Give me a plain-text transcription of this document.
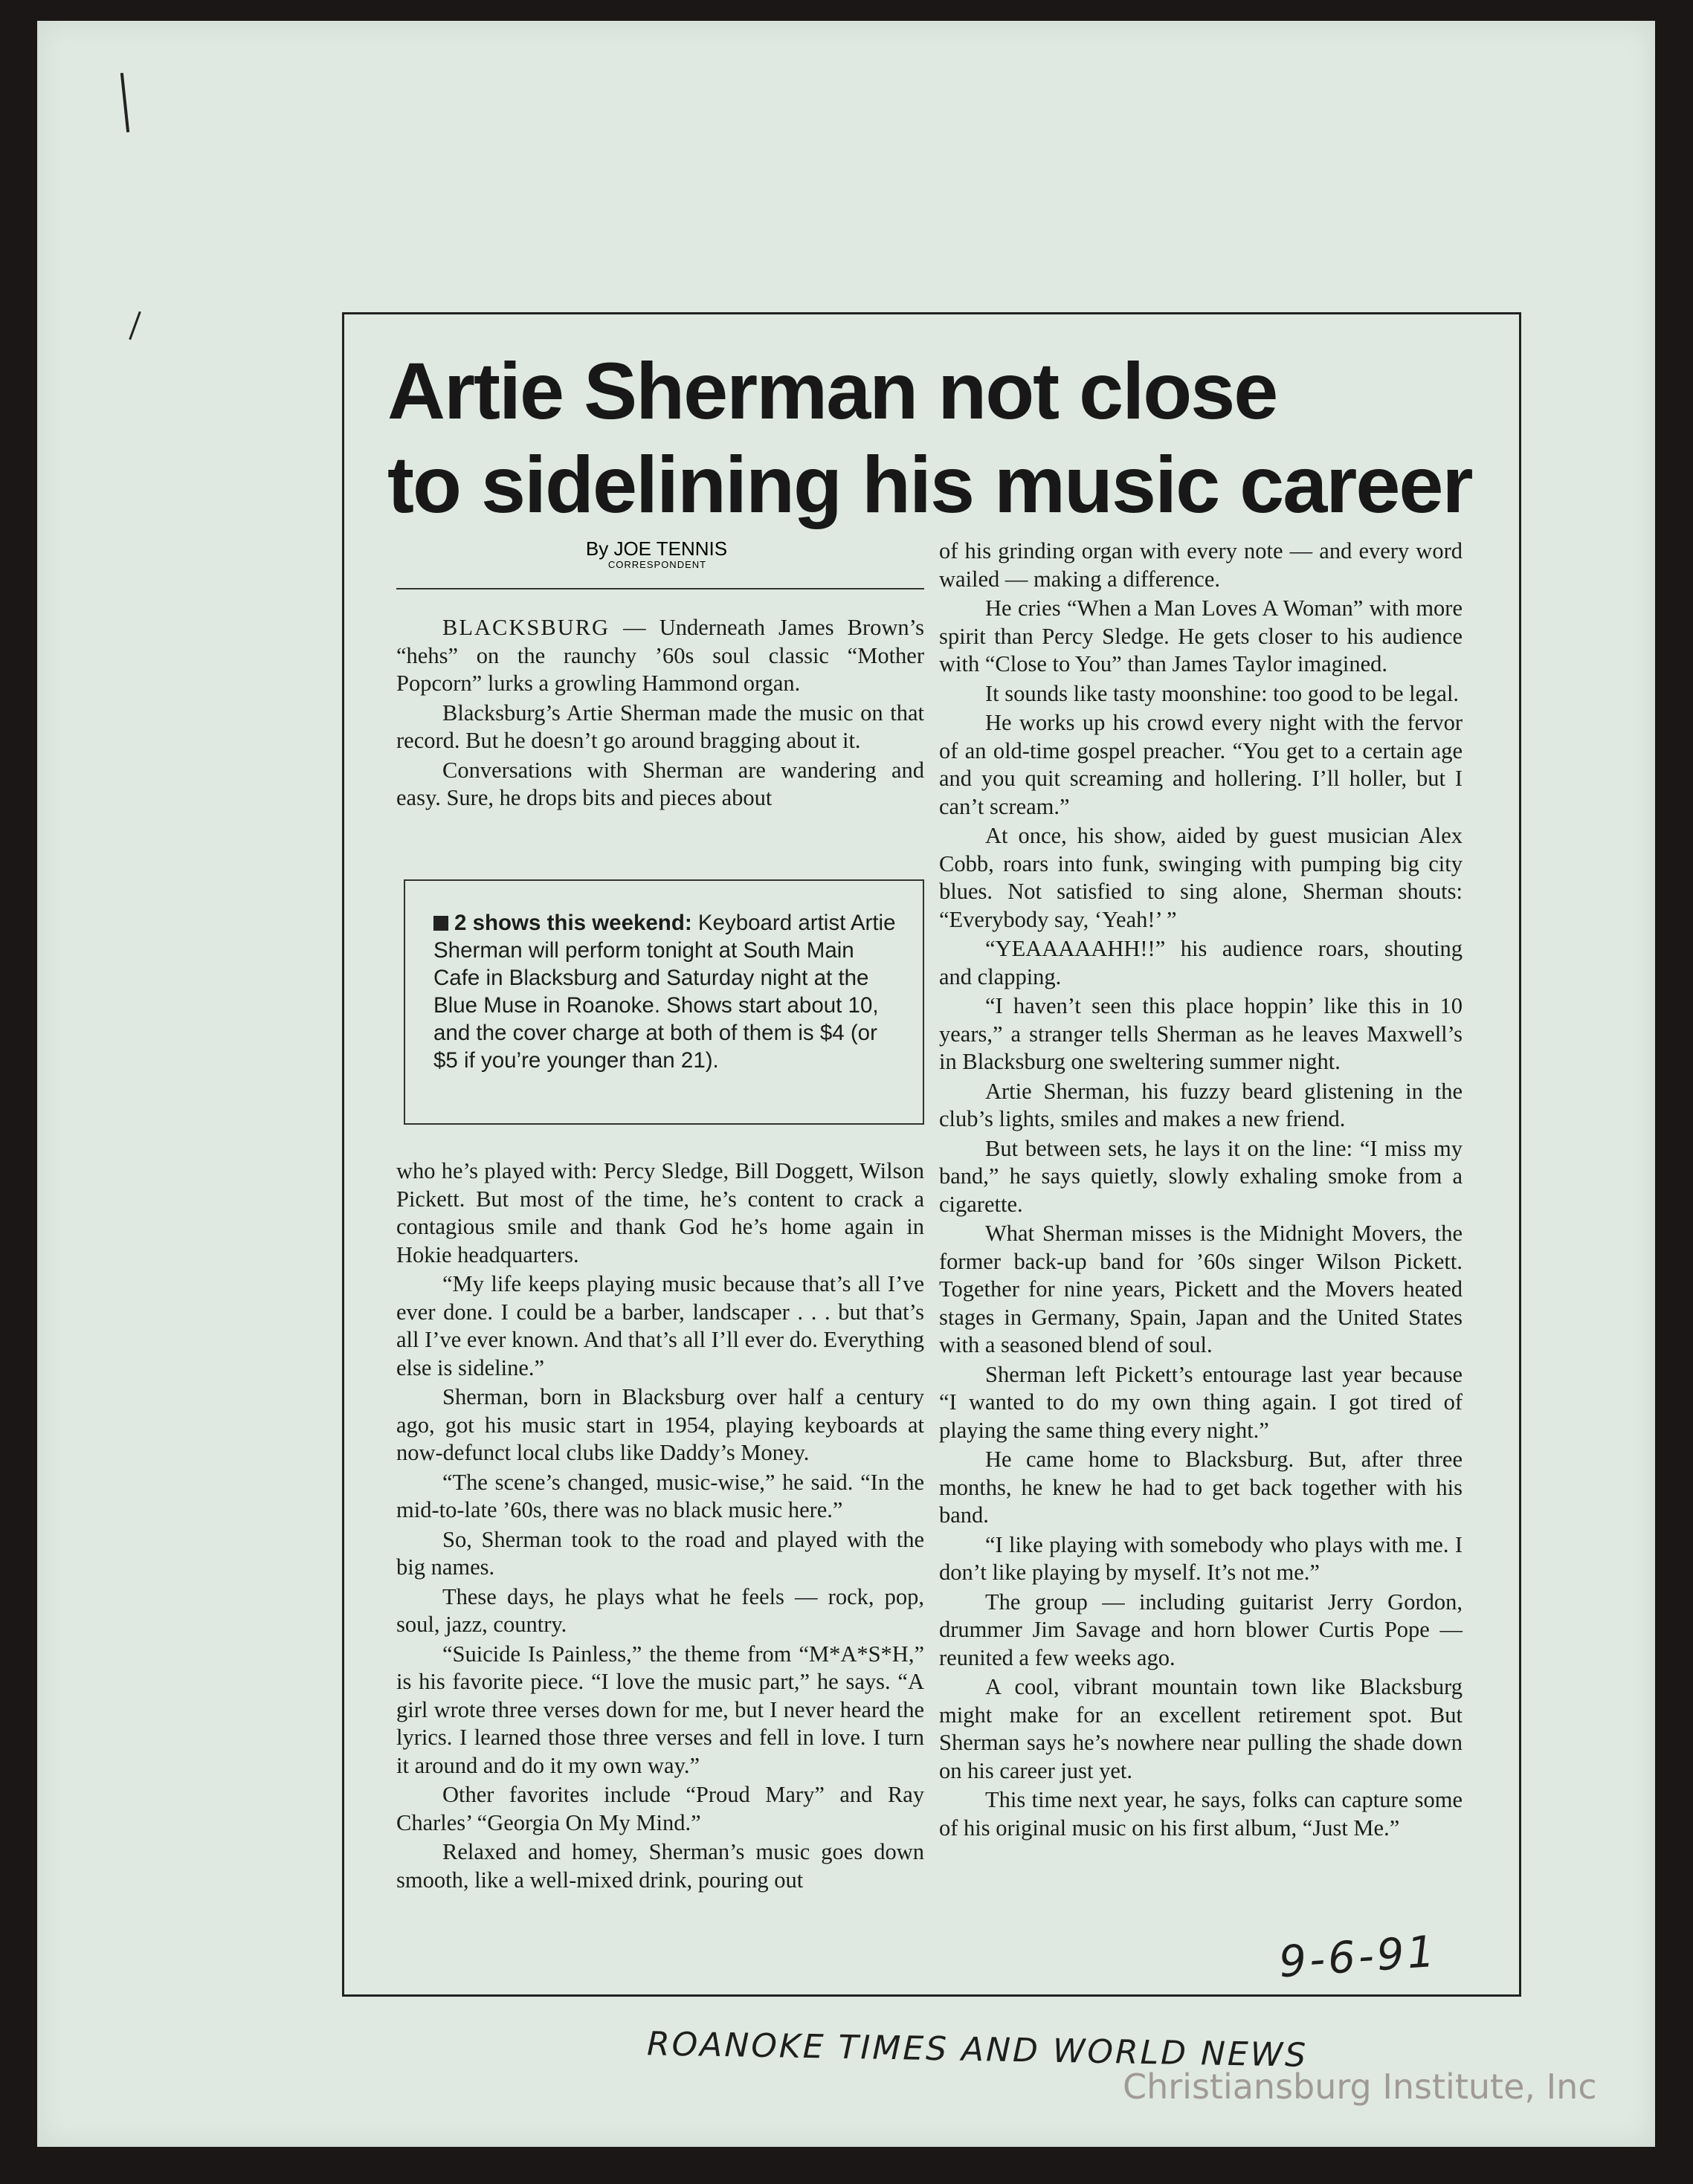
Artie Sherman not close
to sidelining his music career
By JOE TENNIS
CORRESPONDENT

BLACKSBURG — Underneath James Brown’s “hehs” on the raunchy ’60s soul classic “Mother Popcorn” lurks a growling Hammond organ.

Blacksburg’s Artie Sherman made the music on that record. But he doesn’t go around bragging about it.

Conversations with Sherman are wandering and easy. Sure, he drops bits and pieces about

2 shows this weekend: Keyboard artist Artie Sherman will perform tonight at South Main Cafe in Blacksburg and Saturday night at the Blue Muse in Roanoke. Shows start about 10, and the cover charge at both of them is $4 (or $5 if you’re younger than 21).

who he’s played with: Percy Sledge, Bill Doggett, Wilson Pickett. But most of the time, he’s content to crack a contagious smile and thank God he’s home again in Hokie headquarters.

“My life keeps playing music because that’s all I’ve ever done. I could be a barber, landscaper . . . but that’s all I’ve ever known. And that’s all I’ll ever do. Everything else is sideline.”

Sherman, born in Blacksburg over half a century ago, got his music start in 1954, playing keyboards at now-defunct local clubs like Daddy’s Money.

“The scene’s changed, music-wise,” he said. “In the mid-to-late ’60s, there was no black music here.”

So, Sherman took to the road and played with the big names.

These days, he plays what he feels — rock, pop, soul, jazz, country.

“Suicide Is Painless,” the theme from “M*A*S*H,” is his favorite piece. “I love the music part,” he says. “A girl wrote three verses down for me, but I never heard the lyrics. I learned those three verses and fell in love. I turn it around and do it my own way.”

Other favorites include “Proud Mary” and Ray Charles’ “Georgia On My Mind.”

Relaxed and homey, Sherman’s music goes down smooth, like a well-mixed drink, pouring out

of his grinding organ with every note — and every word wailed — making a difference.

He cries “When a Man Loves A Woman” with more spirit than Percy Sledge. He gets closer to his audience with “Close to You” than James Taylor imagined.

It sounds like tasty moonshine: too good to be legal.

He works up his crowd every night with the fervor of an old-time gospel preacher. “You get to a certain age and you quit screaming and hollering. I’ll holler, but I can’t scream.”

At once, his show, aided by guest musician Alex Cobb, roars into funk, swinging with pumping big city blues. Not satisfied to sing alone, Sherman shouts: “Everybody say, ‘Yeah!’ ”

“YEAAAAAHH!!” his audience roars, shouting and clapping.

“I haven’t seen this place hoppin’ like this in 10 years,” a stranger tells Sherman as he leaves Maxwell’s in Blacksburg one sweltering summer night.

Artie Sherman, his fuzzy beard glistening in the club’s lights, smiles and makes a new friend.

But between sets, he lays it on the line: “I miss my band,” he says quietly, slowly exhaling smoke from a cigarette.

What Sherman misses is the Midnight Movers, the former back-up band for ’60s singer Wilson Pickett. Together for nine years, Pickett and the Movers heated stages in Germany, Spain, Japan and the United States with a seasoned blend of soul.

Sherman left Pickett’s entourage last year because “I wanted to do my own thing again. I got tired of playing the same thing every night.”

He came home to Blacksburg. But, after three months, he knew he had to get back together with his band.

“I like playing with somebody who plays with me. I don’t like playing by myself. It’s not me.”

The group — including guitarist Jerry Gordon, drummer Jim Savage and horn blower Curtis Pope — reunited a few weeks ago.

A cool, vibrant mountain town like Blacksburg might make for an excellent retirement spot. But Sherman says he’s nowhere near pulling the shade down on his career just yet.

This time next year, he says, folks can capture some of his original music on his first album, “Just Me.”

9-6-91
ROANOKE TIMES AND WORLD NEWS
Christiansburg Institute, Inc
